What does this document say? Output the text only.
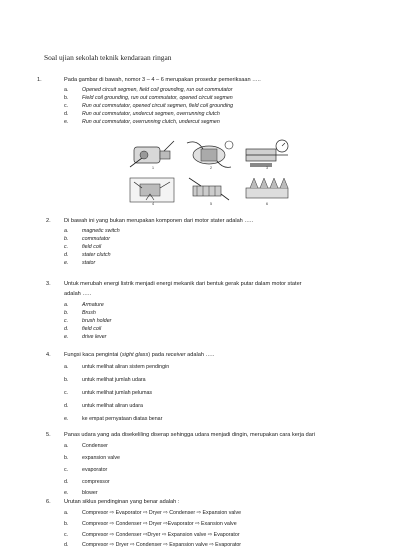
Soal ujian sekolah teknik kendaraan ringan
1.	Pada gambar di bawah, nomor 3 – 4 – 6 merupakan prosedur pemeriksaan …..
a.	Opened circuit segmen, field coil grounding, run out commutator
b.	Field coil grounding, run out commutator, opened circuit segmen
c.	Run out commutator, opened circuit segmen, field coil grounding
d.	Run out commutator, undercut segmen, overrunning clutch
e.	Run out commutator, overrunning clutch, undercut segmen
1	2	3
4	5	6
2. Di bawah ini yang bukan merupakan komponen dari motor stater adalah …..
a.	magnetic switch
b.	commutator
c.	field coil
d.	stater clutch
e.	stator
3. Untuk merubah energi listrik menjadi energi mekanik dari bentuk gerak putar dalam motor stater
adalah …..
a.	Armature
b.	Brush
c.	brush holder
d.	field coil
e.	drive lever
4. Fungsi kaca pengintai (sight glass) pada receiver adalah …..
a.	untuk melihat aliran sistem pendingin
b.	untuk melihat jumlah udara
c.	untuk melihat jumlah pelumas
d.	untuk melihat aliran udara
e.	ke empat pernyataan diatas benar
5. Panas udara yang ada disekeliling diserap sehingga udara menjadi dingin, merupakan cara kerja dari
a.	Condenser
b.	expansion valve
c.	evaporator
d.	compressor
e.	blower
6. Urutan siklus pendinginan yang benar adalah :
a.	Compresor ⇨ Evaporator ⇨ Dryer ⇨ Condenser ⇨ Expansion valve
b.	Compresor ⇨ Condenser ⇨ Dryer ⇨Evaporator ⇨ Exansion valve
c.	Compresor ⇨ Condenser ⇨Dryer ⇨ Expansion valve ⇨ Evaporator
d.	Compresor ⇨ Dryer ⇨ Condenser ⇨ Expansion valve ⇨ Evaporator
